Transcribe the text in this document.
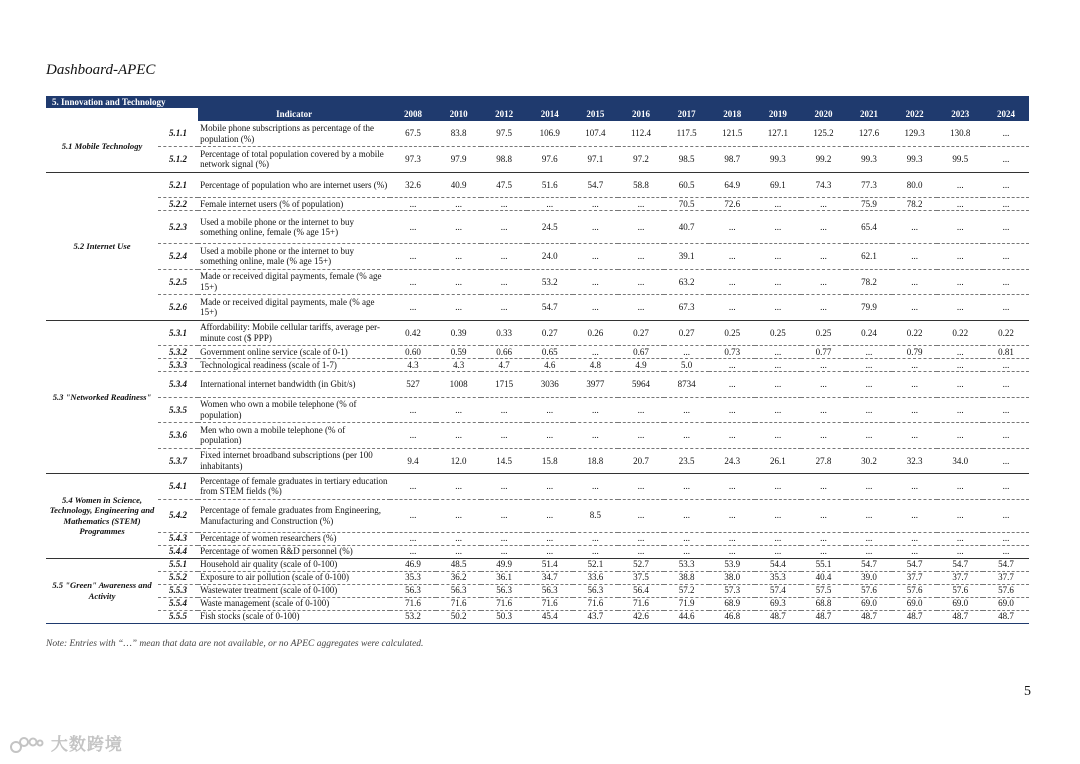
Dashboard-APEC
5. Innovation and Technology																
		Indicator	2008	2010	2012	2014	2015	2016	2017	2018	2019	2020	2021	2022	2023	2024
5.1 Mobile Technology	5.1.1	Mobile phone subscriptions as percentage of the population (%)	67.5	83.8	97.5	106.9	107.4	112.4	117.5	121.5	127.1	125.2	127.6	129.3	130.8	...
	5.1.2	Percentage of total population covered by a mobile network signal (%)	97.3	97.9	98.8	97.6	97.1	97.2	98.5	98.7	99.3	99.2	99.3	99.3	99.5	...
5.2 Internet Use	5.2.1	Percentage of population who are internet users (%)	32.6	40.9	47.5	51.6	54.7	58.8	60.5	64.9	69.1	74.3	77.3	80.0	...	...
	5.2.2	Female internet users (% of population)	...	...	...	...	...	...	70.5	72.6	...	...	75.9	78.2	...	...
	5.2.3	Used a mobile phone or the internet to buy something online, female (% age 15+)	...	...	...	24.5	...	...	40.7	...	...	...	65.4	...	...	...
	5.2.4	Used a mobile phone or the internet to buy something online, male (% age 15+)	...	...	...	24.0	...	...	39.1	...	...	...	62.1	...	...	...
	5.2.5	Made or received digital payments, female (% age 15+)	...	...	...	53.2	...	...	63.2	...	...	...	78.2	...	...	...
	5.2.6	Made or received digital payments, male (% age 15+)	...	...	...	54.7	...	...	67.3	...	...	...	79.9	...	...	...
5.3 "Networked Readiness"	5.3.1	Affordability: Mobile cellular tariffs, average per-minute cost ($ PPP)	0.42	0.39	0.33	0.27	0.26	0.27	0.27	0.25	0.25	0.25	0.24	0.22	0.22	0.22
	5.3.2	Government online service (scale of 0-1)	0.60	0.59	0.66	0.65	...	0.67	...	0.73	...	0.77	...	0.79	...	0.81
	5.3.3	Technological readiness (scale of 1-7)	4.3	4.3	4.7	4.6	4.8	4.9	5.0	...	...	...	...	...	...	...
	5.3.4	International internet bandwidth (in Gbit/s)	527	1008	1715	3036	3977	5964	8734	...	...	...	...	...	...	...
	5.3.5	Women who own a mobile telephone (% of population)	...	...	...	...	...	...	...	...	...	...	...	...	...	...
	5.3.6	Men who own a mobile telephone (% of population)	...	...	...	...	...	...	...	...	...	...	...	...	...	...
	5.3.7	Fixed internet broadband subscriptions (per 100 inhabitants)	9.4	12.0	14.5	15.8	18.8	20.7	23.5	24.3	26.1	27.8	30.2	32.3	34.0	...
5.4 Women in Science, Technology, Engineering and Mathematics (STEM) Programmes	5.4.1	Percentage of female graduates in tertiary education from STEM fields (%)	...	...	...	...	...	...	...	...	...	...	...	...	...	...
	5.4.2	Percentage of female graduates from Engineering, Manufacturing and Construction (%)	...	...	...	...	8.5	...	...	...	...	...	...	...	...	...
	5.4.3	Percentage of women researchers (%)	...	...	...	...	...	...	...	...	...	...	...	...	...	...
	5.4.4	Percentage of women R&D personnel (%)	...	...	...	...	...	...	...	...	...	...	...	...	...	...
5.5 "Green" Awareness and Activity	5.5.1	Household air quality (scale of 0-100)	46.9	48.5	49.9	51.4	52.1	52.7	53.3	53.9	54.4	55.1	54.7	54.7	54.7	54.7
	5.5.2	Exposure to air pollution (scale of 0-100)	35.3	36.2	36.1	34.7	33.6	37.5	38.8	38.0	35.3	40.4	39.0	37.7	37.7	37.7
	5.5.3	Wastewater treatment (scale of 0-100)	56.3	56.3	56.3	56.3	56.3	56.4	57.2	57.3	57.4	57.5	57.6	57.6	57.6	57.6
	5.5.4	Waste management (scale of 0-100)	71.6	71.6	71.6	71.6	71.6	71.6	71.9	68.9	69.3	68.8	69.0	69.0	69.0	69.0
	5.5.5	Fish stocks (scale of 0-100)	53.2	50.2	50.3	45.4	43.7	42.6	44.6	46.8	48.7	48.7	48.7	48.7	48.7	48.7
Note: Entries with “…” mean that data are not available, or no APEC aggregates were calculated.
5
大数跨境
